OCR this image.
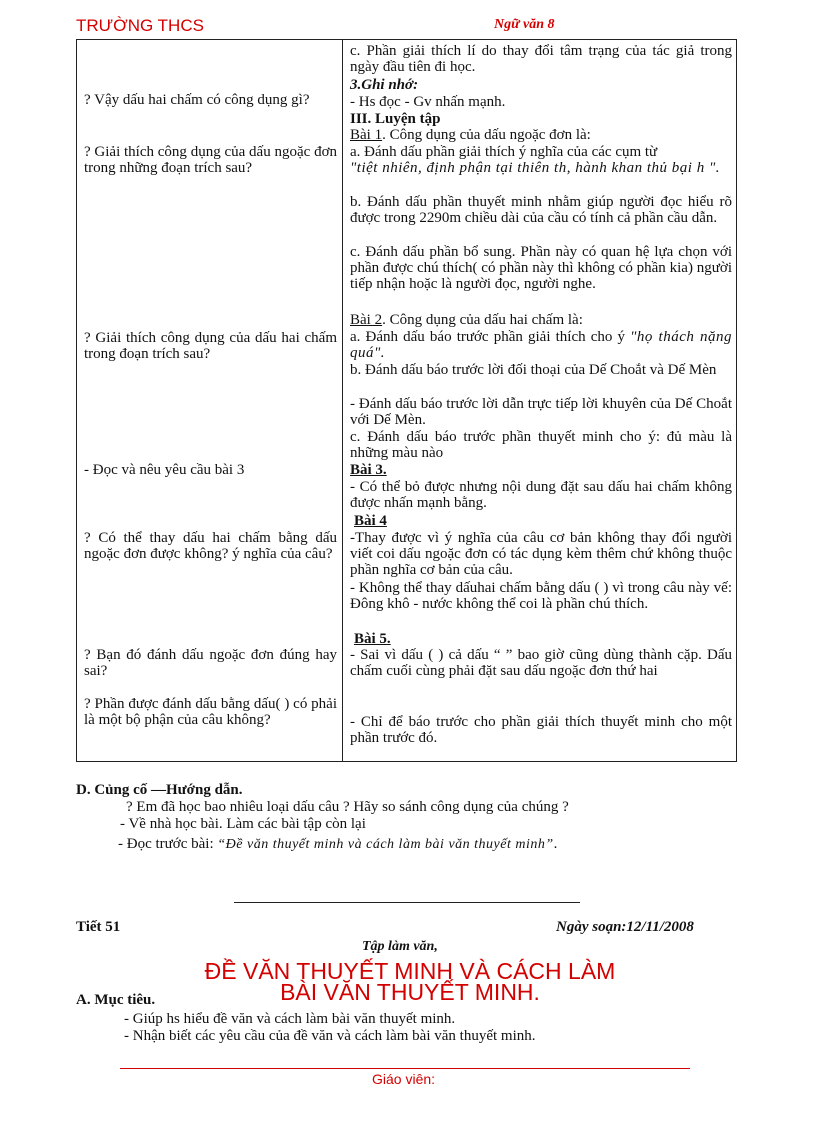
TRƯỜNG THCS	Ngữ văn 8
? Vậy dấu hai chấm có công dụng gì?
? Giải thích công dụng của dấu ngoặc đơn trong những đoạn trích sau?
? Giải thích công dụng của dấu hai chấm trong đoạn trích sau?
- Đọc và nêu yêu cầu bài 3
? Có thể thay dấu hai chấm bằng dấu ngoặc đơn được không? ý nghĩa của câu?
? Bạn đó đánh dấu ngoặc đơn đúng hay sai?
? Phần được đánh dấu bằng dấu( ) có phải là một bộ phận của câu không?
c. Phần giải thích lí do thay đổi tâm trạng của tác giả trong ngày đầu tiên đi học.
3.Ghi nhớ:
- Hs đọc - Gv nhấn mạnh.
III. Luyện tập
Bài 1. Công dụng của dấu ngoặc đơn là:
a. Đánh dấu phần giải thích ý nghĩa của các cụm từ
"tiệt nhiên, định phận tại thiên th, hành khan thủ bại h ".
b. Đánh dấu phần thuyết minh nhằm giúp người đọc hiểu rõ được trong 2290m chiều dài của cầu có tính cả phần cầu dẫn.
c. Đánh dấu phần bổ sung. Phần này có quan hệ lựa chọn với phần được chú thích( có phần này thì không có phần kia) người tiếp nhận hoặc là người đọc, người nghe.
Bài 2. Công dụng của dấu hai chấm là:
a. Đánh dấu báo trước phần giải thích cho ý "họ thách nặng quá".
b. Đánh dấu báo trước lời đối thoại của Dế Choắt và Dế Mèn
- Đánh dấu báo trước lời dẫn trực tiếp lời khuyên của Dế Choắt với Dế Mèn.
c. Đánh dấu báo trước phần thuyết minh cho ý: đủ màu là những màu nào
Bài 3.
- Có thể bỏ được nhưng nội dung đặt sau dấu hai chấm không được nhấn mạnh bằng.
Bài 4
-Thay được vì ý nghĩa của câu cơ bản không thay đổi người viết coi dấu ngoặc đơn có tác dụng kèm thêm chứ không thuộc phần nghĩa cơ bản của câu.
- Không thể thay dấuhai chấm bằng dấu ( ) vì trong câu này vế: Đông khô - nước không thể coi là phần chú thích.
Bài 5.
- Sai vì dấu ( ) cả dấu “ ” bao giờ cũng dùng thành cặp. Dấu chấm cuối cùng phải đặt sau dấu ngoặc đơn thứ hai
- Chỉ để báo trước cho phần giải thích thuyết minh cho một phần trước đó.
D. Củng cố —Hướng dẫn.
? Em đã học bao nhiêu loại dấu câu ? Hãy so sánh công dụng của chúng ?
- Về nhà học bài. Làm các bài tập còn lại
- Đọc trước bài: “Đề văn thuyết minh và cách làm bài văn thuyết minh”.
Tiết 51	Ngày soạn:12/11/2008
Tập làm văn,
ĐỀ VĂN THUYẾT MINH VÀ CÁCH LÀM
BÀI VĂN THUYẾT MINH.
A. Mục tiêu.
- Giúp hs hiểu đề văn và cách làm bài văn thuyết minh.
- Nhận biết các yêu cầu của đề văn và cách làm bài văn thuyết minh.
Giáo viên:
